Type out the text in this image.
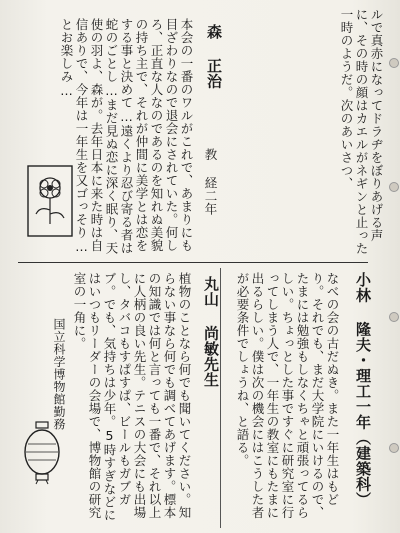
ルで真赤になってドラヂをぼりあげる声に、その時の顔はカエルがネギンと止った一時のようだ。次のあいさつ、
森 正治
教 経二年
本会の一番のワルがこれで、あまりにも目ざわりなので退会にされていた。何しろ、正直な人なのであるのを知れぬ美貌の持ち主で、それが仲間に美学とは恋をする事と決めて…遠くより忍び寄る者は蛇のごとし…まだ見ぬ恋に深く眠り、天使の羽よ、森が。去年日本に来た時は自信ありで、今年は一年生を又ゴっそり…とお楽しみ…
小林 隆夫・理工一年（建築科）
なべの会の古だぬき。また一年生はもどり。それでも、まだ大学院にいけるので、たまには勉強もしなくちゃと頑張ってるらしい。ちょっとした事ですぐに研究室に行ってしまう人で、一年生の教室にもたまに出るらしい。僕は次の機会にはこうした者が必要条件でしょうね、と語る。
丸山 尚敏先生
植物のことなら何でも聞いてください。知らない事なら何でも調べてあげます。標本の知識では何と言っても一番で、それ以上に人柄の良い先生。テニスの大会にも出場し、タバコもすぱすぱ、ビールもガブガブ。でも、気持ちは少年。5時すぎなどにはいつもリーダーの会場で、博物館の研究室の一角に。
国立科学博物館勤務
